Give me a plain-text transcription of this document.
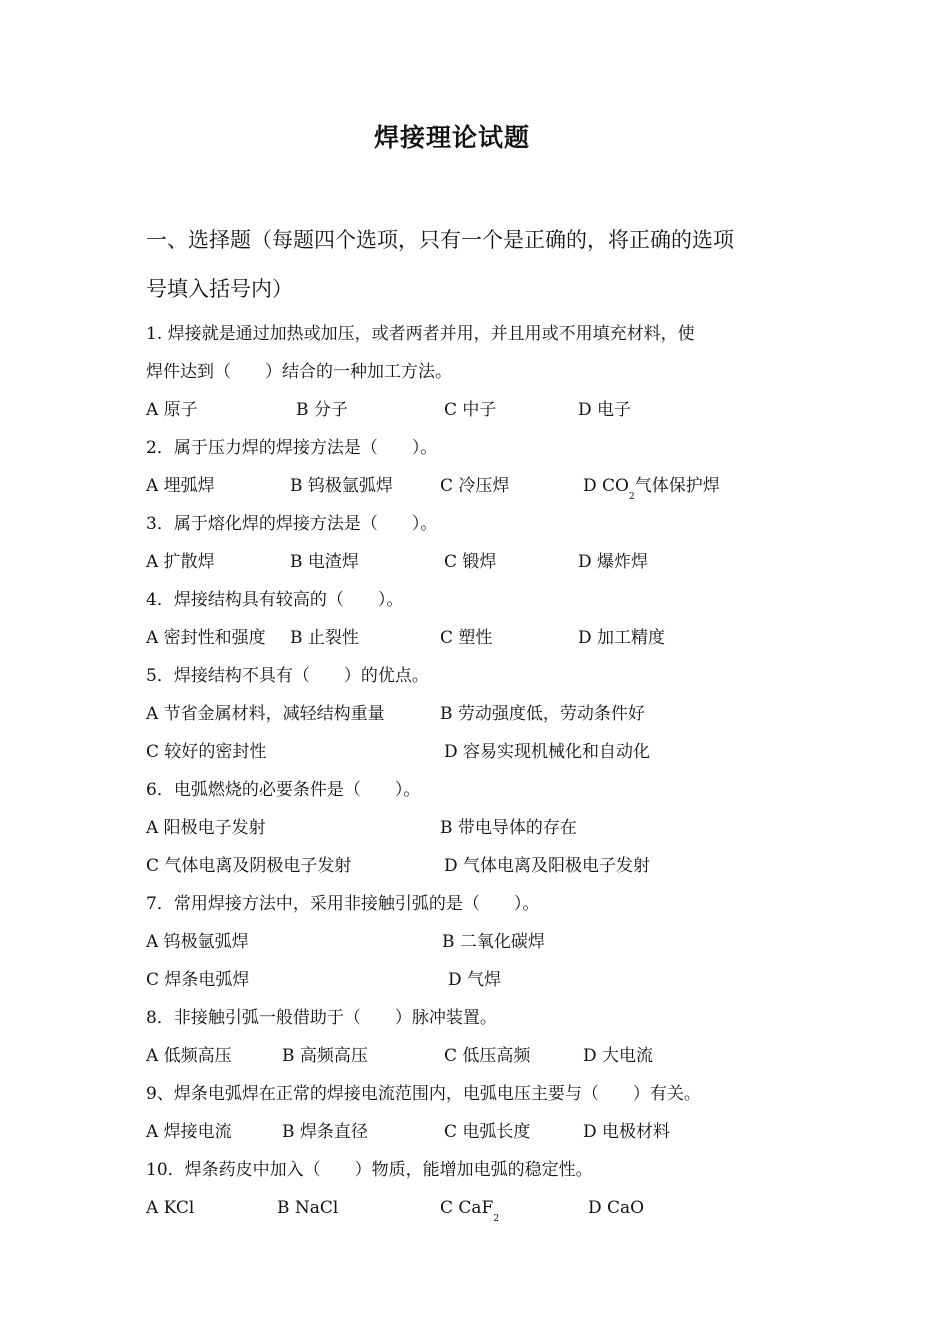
焊接理论试题

一、选择题（每题四个选项，只有一个是正确的，将正确的选项

号填入括号内）

1. 焊接就是通过加热或加压，或者两者并用，并且用或不用填充材料，使
焊件达到（　　）结合的一种加工方法。
A 原子	B 分子	C 中子	D 电子
2．属于压力焊的焊接方法是（　　）。
A 埋弧焊	B 钨极氩弧焊	C 冷压焊	D $CO_2$气体保护焊
3．属于熔化焊的焊接方法是（　　）。
A 扩散焊	B 电渣焊	C 锻焊	D 爆炸焊
4．焊接结构具有较高的（　　）。
A 密封性和强度 B 止裂性	C 塑性	D 加工精度
5．焊接结构不具有（　　）的优点。
A 节省金属材料，减轻结构重量	B 劳动强度低，劳动条件好
C 较好的密封性	D 容易实现机械化和自动化
6．电弧燃烧的必要条件是（　　）。
A 阳极电子发射	B 带电导体的存在
C 气体电离及阴极电子发射	D 气体电离及阳极电子发射
7．常用焊接方法中，采用非接触引弧的是（　　）。
A 钨极氩弧焊	B 二氧化碳焊
C 焊条电弧焊	D 气焊
8．非接触引弧一般借助于（　　）脉冲装置。
A 低频高压	B 高频高压	C 低压高频	D 大电流
9、焊条电弧焊在正常的焊接电流范围内，电弧电压主要与（　　）有关。
A 焊接电流	B 焊条直径	C 电弧长度	D 电极材料
10．焊条药皮中加入（　　）物质，能增加电弧的稳定性。
A KCl	B NaCl	C CaF$_2$
D CaO
